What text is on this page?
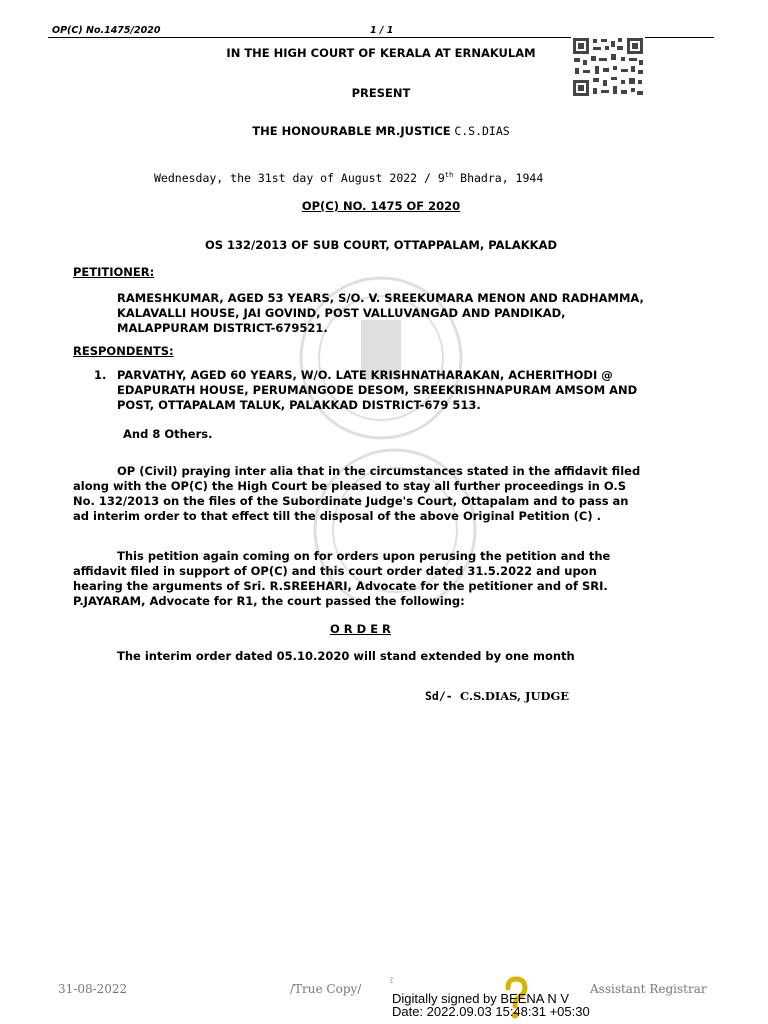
OP(C) No.1475/2020	1 / 1
IN THE HIGH COURT OF KERALA AT ERNAKULAM
PRESENT
THE HONOURABLE MR.JUSTICE C.S.DIAS
Wednesday, the 31st day of August 2022 / 9th Bhadra, 1944
OP(C) NO. 1475 OF 2020
OS 132/2013 OF SUB COURT, OTTAPPALAM, PALAKKAD
PETITIONER:
RAMESHKUMAR, AGED 53 YEARS, S/O. V. SREEKUMARA MENON AND RADHAMMA,
KALAVALLI HOUSE, JAI GOVIND, POST VALLUVANGAD AND PANDIKAD,
MALAPPURAM DISTRICT-679521.
RESPONDENTS:
1. PARVATHY, AGED 60 YEARS, W/O. LATE KRISHNATHARAKAN, ACHERITHODI @
EDAPURATH HOUSE, PERUMANGODE DESOM, SREEKRISHNAPURAM AMSOM AND
POST, OTTAPALAM TALUK, PALAKKAD DISTRICT-679 513.
And 8 Others.
OP (Civil) praying inter alia that in the circumstances stated in the affidavit filed
along with the OP(C) the High Court be pleased to stay all further proceedings in O.S
No. 132/2013 on the files of the Subordinate Judge's Court, Ottapalam and to pass an
ad interim order to that effect till the disposal of the above Original Petition (C) .
This petition again coming on for orders upon perusing the petition and the
affidavit filed in support of OP(C) and this court order dated 31.5.2022 and upon
hearing the arguments of Sri. R.SREEHARI, Advocate for the petitioner and of SRI.
P.JAYARAM, Advocate for R1, the court passed the following:
O R D E R
The interim order dated 05.10.2020 will stand extended by one month
Sd/- C.S.DIAS, JUDGE
31-08-2022	/True Copy/	Assistant Registrar
⟟
Digitally signed by BEENA N V
Date: 2022.09.03 15:48:31 +05:30
